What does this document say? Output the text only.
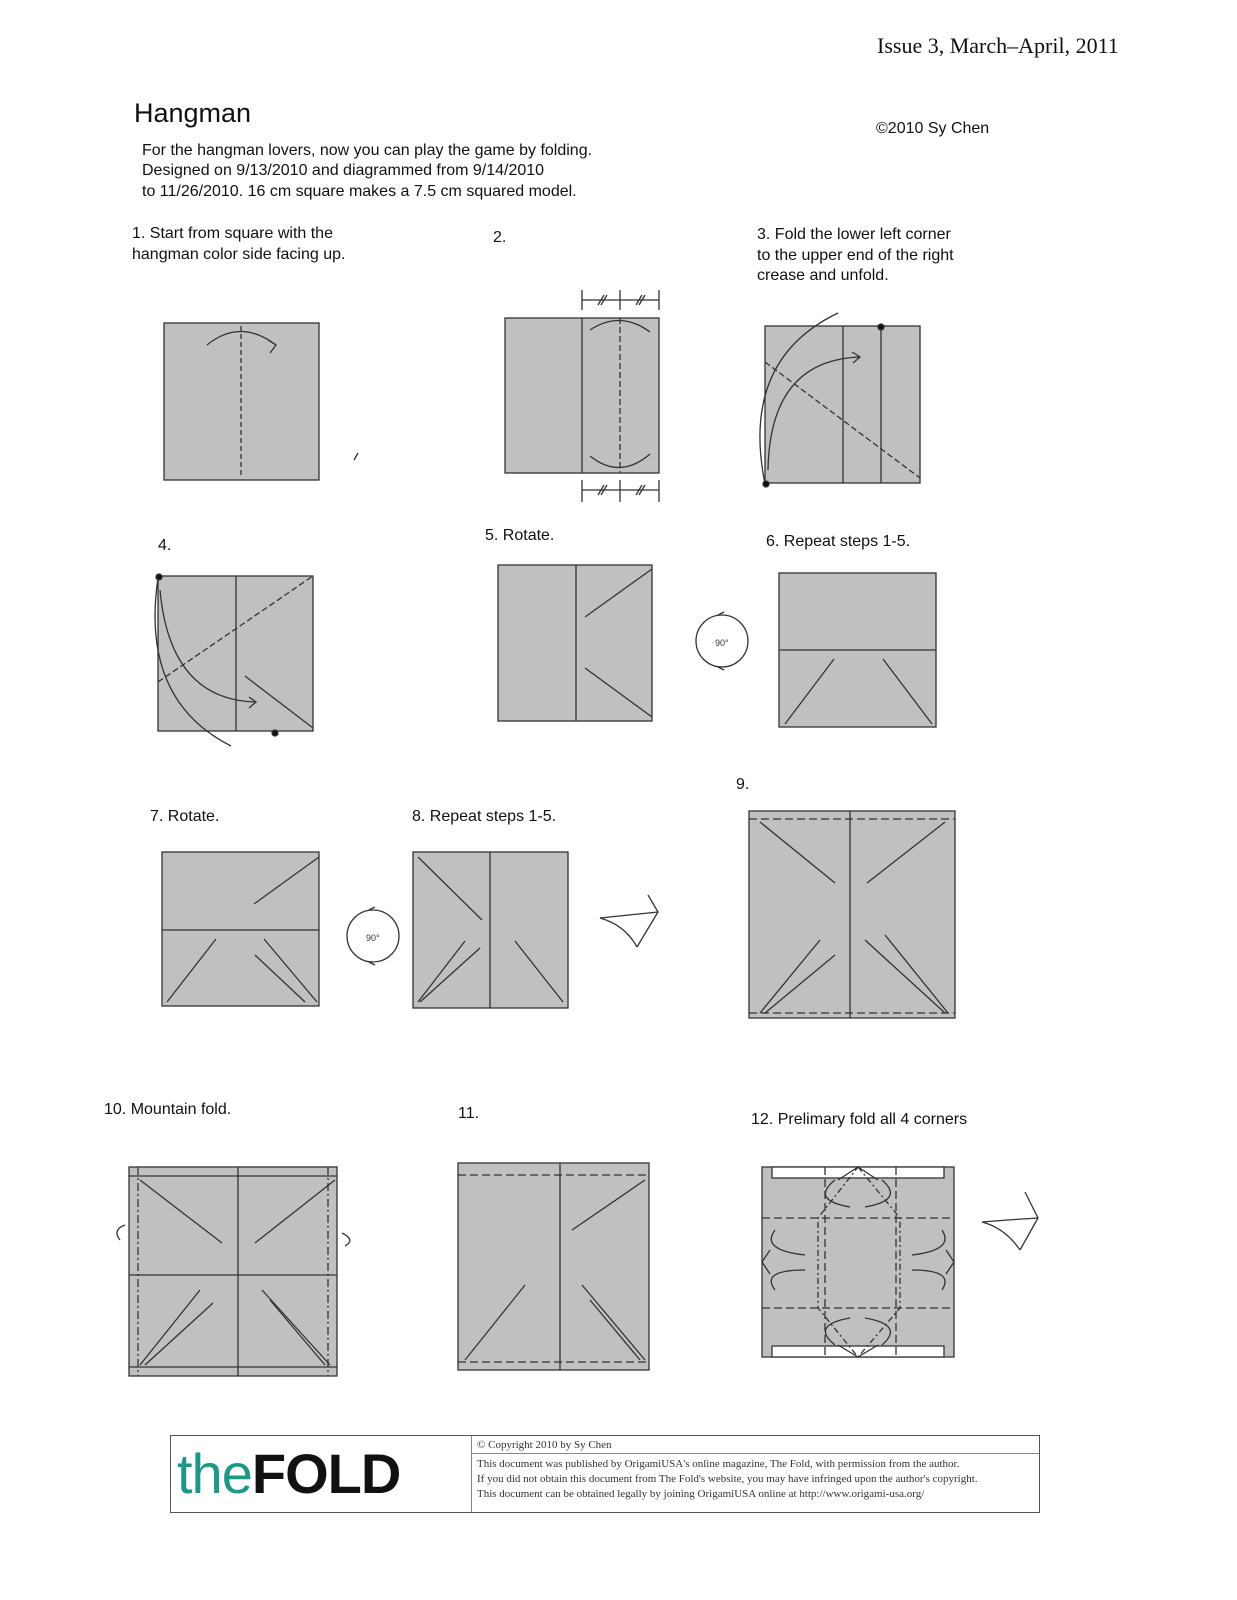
Issue 3, March–April, 2011
Hangman
©2010 Sy Chen
For the hangman lovers, now you can play the game by folding.
Designed on 9/13/2010 and diagrammed from 9/14/2010
to 11/26/2010. 16 cm square makes a 7.5 cm squared model.
1. Start from square with the
hangman color side facing up.
2.	3. Fold the lower left corner
to the upper end of the right
crease and unfold.
4.
5. Rotate.	6. Repeat steps 1-5.
7. Rotate.	8. Repeat steps 1-5.
9.
10. Mountain fold.	11.	12. Prelimary fold all 4 corners
90°
90°
theFOLD	© Copyright 2010 by Sy Chen
This document was published by OrigamiUSA's online magazine, The Fold, with permission from the author.
If you did not obtain this document from The Fold's website, you may have infringed upon the author's copyright.
This document can be obtained legally by joining OrigamiUSA online at http://www.origami-usa.org/
